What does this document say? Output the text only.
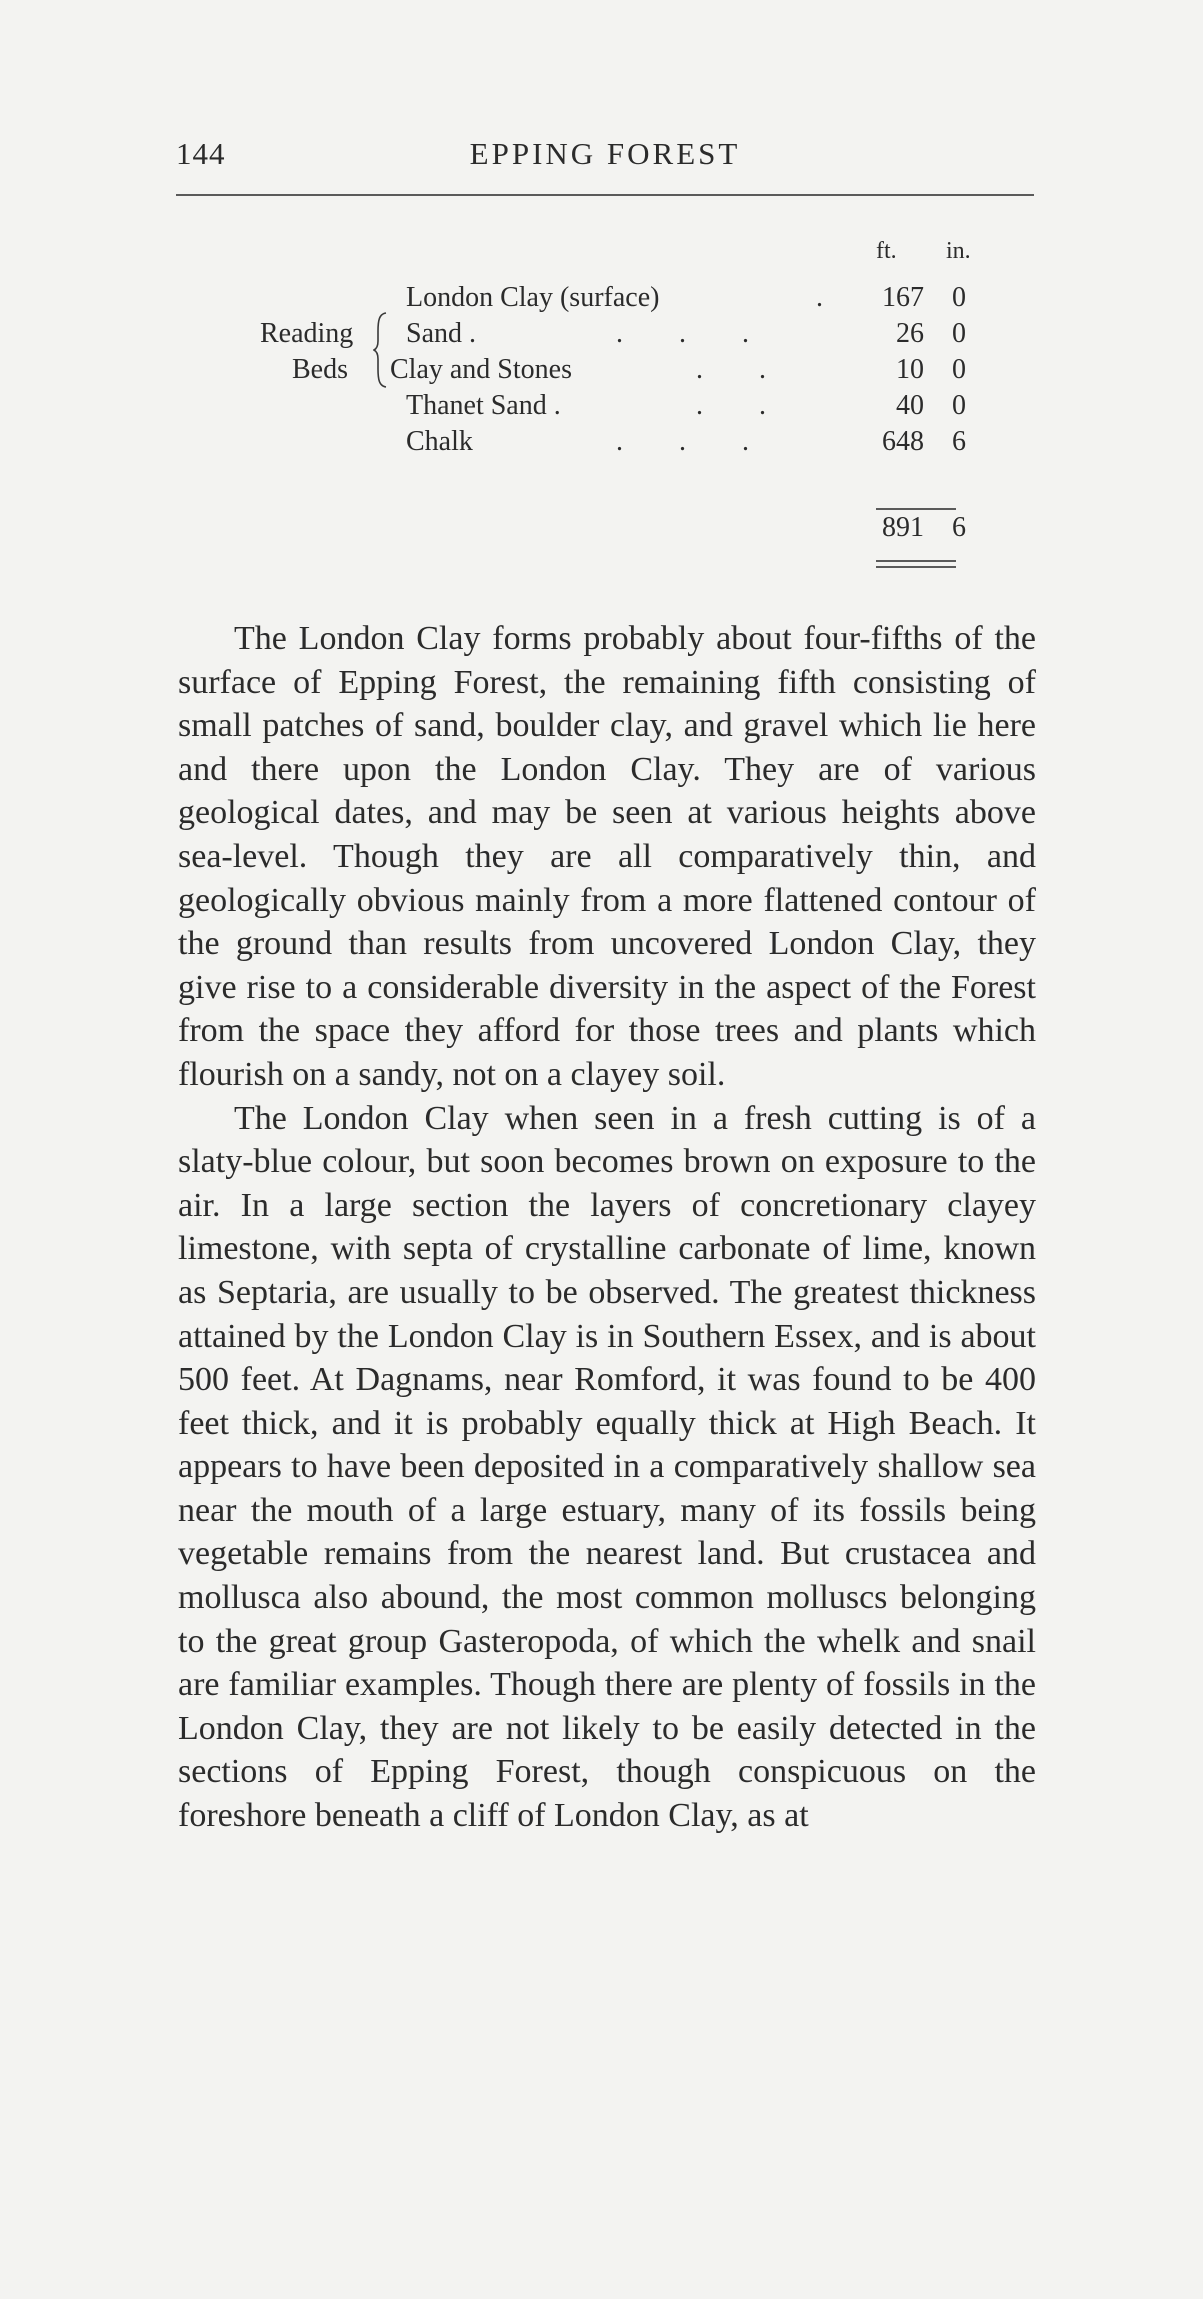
144	EPPING FOREST
ft. in.
London Clay (surface)	. 167 0
Reading
Beds
Sand .	.      .      .	26 0
Clay and Stones	.      .	10 0
Thanet Sand .	.      .	40 0
Chalk	.      .      .	648 6
891 6

The London Clay forms probably about four-fifths of the surface of Epping Forest, the remaining fifth consisting of small patches of sand, boulder clay, and gravel which lie here and there upon the London Clay. They are of various geological dates, and may be seen at various heights above sea-level. Though they are all comparatively thin, and geologically obvious mainly from a more flattened contour of the ground than results from uncovered London Clay, they give rise to a considerable diversity in the aspect of the Forest from the space they afford for those trees and plants which flourish on a sandy, not on a clayey soil.

The London Clay when seen in a fresh cutting is of a slaty-blue colour, but soon becomes brown on exposure to the air. In a large section the layers of concretionary clayey limestone, with septa of crystalline carbonate of lime, known as Septaria, are usually to be observed. The greatest thickness attained by the London Clay is in Southern Essex, and is about 500 feet. At Dagnams, near Romford, it was found to be 400 feet thick, and it is probably equally thick at High Beach. It appears to have been deposited in a comparatively shallow sea near the mouth of a large estuary, many of its fossils being vegetable remains from the nearest land. But crustacea and mollusca also abound, the most common molluscs belonging to the great group Gasteropoda, of which the whelk and snail are familiar examples. Though there are plenty of fossils in the London Clay, they are not likely to be easily detected in the sections of Epping Forest, though conspicuous on the foreshore beneath a cliff of London Clay, as at
